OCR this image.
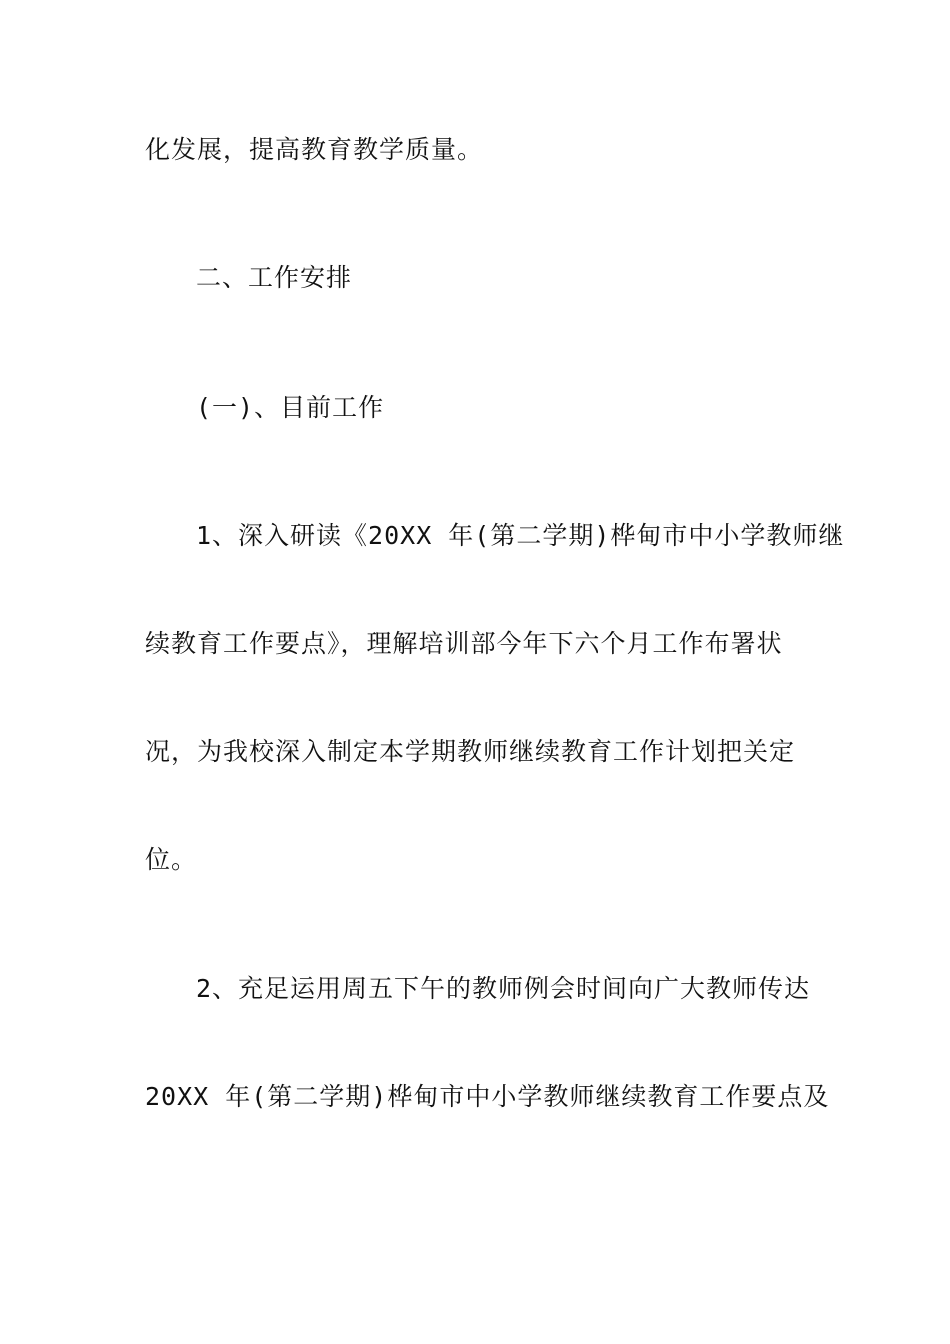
化发展，提高教育教学质量。
二、工作安排
(一)、目前工作
1、深入研读《20XX 年(第二学期)桦甸市中小学教师继
续教育工作要点》，理解培训部今年下六个月工作布署状
况，为我校深入制定本学期教师继续教育工作计划把关定
位。
2、充足运用周五下午的教师例会时间向广大教师传达
20XX 年(第二学期)桦甸市中小学教师继续教育工作要点及
